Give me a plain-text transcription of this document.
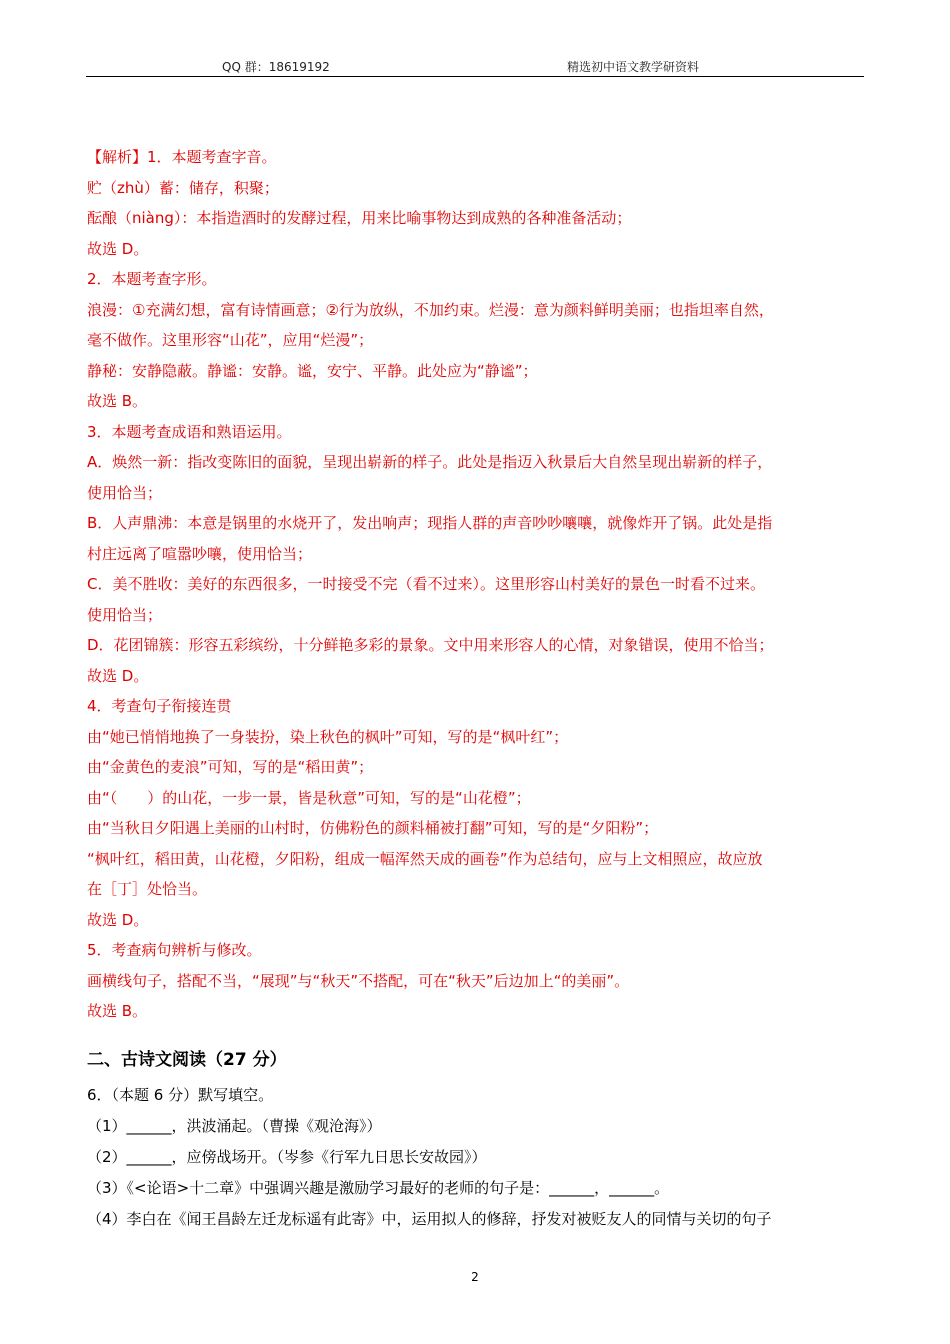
QQ 群：18619192	精选初中语文教学研资料
【解析】1．本题考查字音。
贮（zhù）蓄：储存，积聚；
酝酿（niàng）：本指造酒时的发酵过程，用来比喻事物达到成熟的各种准备活动；
故选 D。
2．本题考查字形。
浪漫：①充满幻想，富有诗情画意；②行为放纵，不加约束。烂漫：意为颜料鲜明美丽；也指坦率自然，
毫不做作。这里形容“山花”，应用“烂漫”；
静秘：安静隐蔽。静谧：安静。谧，安宁、平静。此处应为“静谧”；
故选 B。
3．本题考查成语和熟语运用。
A．焕然一新：指改变陈旧的面貌，呈现出崭新的样子。此处是指迈入秋景后大自然呈现出崭新的样子，
使用恰当；
B．人声鼎沸：本意是锅里的水烧开了，发出响声；现指人群的声音吵吵嚷嚷，就像炸开了锅。此处是指
村庄远离了喧嚣吵嚷，使用恰当；
C．美不胜收：美好的东西很多，一时接受不完（看不过来）。这里形容山村美好的景色一时看不过来。
使用恰当；
D．花团锦簇：形容五彩缤纷，十分鲜艳多彩的景象。文中用来形容人的心情，对象错误，使用不恰当；
故选 D。
4．考查句子衔接连贯
由“她已悄悄地换了一身装扮，染上秋色的枫叶”可知，写的是“枫叶红”；
由“金黄色的麦浪”可知，写的是“稻田黄”；
由“（　　）的山花，一步一景，皆是秋意”可知，写的是“山花橙”；
由“当秋日夕阳遇上美丽的山村时，仿佛粉色的颜料桶被打翻”可知，写的是“夕阳粉”；
“枫叶红，稻田黄，山花橙，夕阳粉，组成一幅浑然天成的画卷”作为总结句，应与上文相照应，故应放
在［丁］处恰当。
故选 D。
5．考查病句辨析与修改。
画横线句子，搭配不当，“展现”与“秋天”不搭配，可在“秋天”后边加上“的美丽”。
故选 B。
二、古诗文阅读（27 分）
6．（本题 6 分）默写填空。
（1）______，洪波涌起。（曹操《观沧海》）
（2）______，应傍战场开。（岑参《行军九日思长安故园》）
（3）《<论语>十二章》中强调兴趣是激励学习最好的老师的句子是：______，______。
（4）李白在《闻王昌龄左迁龙标遥有此寄》中，运用拟人的修辞，抒发对被贬友人的同情与关切的句子
2
